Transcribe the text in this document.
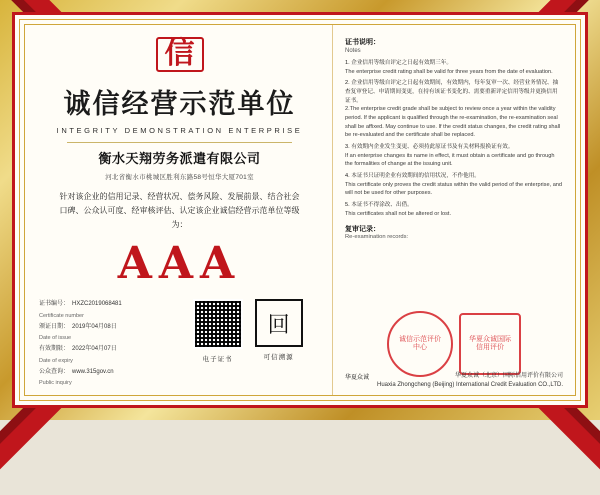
信
诚信经营示范单位
INTEGRITY DEMONSTRATION ENTERPRISE
衡水天翔劳务派遣有限公司
河北省衡水市桃城区胜利东路58号恒华大厦701室
针对该企业的信用记录、经营状况、偿务风险、发展前景、结合社会口碑、公众认可度、经审核评估、认定该企业诚信经营示范单位等级为：
AAA
证书编号： HXZC2019068481
Certificate number
颁证日期： 2019年04月08日
Date of issue
有效期限： 2022年04月07日
Date of expiry
公众查询： www.315gov.cn
Public inquiry
电子证书
回
可信溯源
证书说明：
Notes
1. 企业信用等级自评定之日起有效期三年。
The enterprise credit rating shall be valid for three years from the date of evaluation.
2. 企业信用等级自评定之日起有效期间，有效期内，每年复审一次、经营业务情况、抽查复审登记、申请期间变更，在持有该证书变化的、需要重新评定信用等级并更换信用证书。
2.The enterprise credit grade shall be subject to review once a year within the validity period. If the applicant is qualified through the re-examination, the re-examination seal shall be affixed. May continue to use. If the credit status changes, the credit rating shall be re-evaluated and the certificate shall be replaced.
3. 有效期内企业发生变更、必须持此原证书及有关材料报换证有效。
If an enterprise changes its name in effect, it must obtain a certificate and go through the formalities of change at the issuing unit.
4. 本证书只证明企业有效期间的信用状况，不作他用。
This certificate only proves the credit status within the valid period of the enterprise, and will not be used for other purposes.
5. 本证书不得涂改、出借。
This certificates shall not be altered or lost.
复审记录：
Re-examination records:
诚信示范评价中心
华夏众诚国际信用评价
华夏众诚	华夏众诚（北京）国际信用评价有限公司
Huaxia Zhongcheng (Beijing) International Credit Evaluation CO.,LTD.
